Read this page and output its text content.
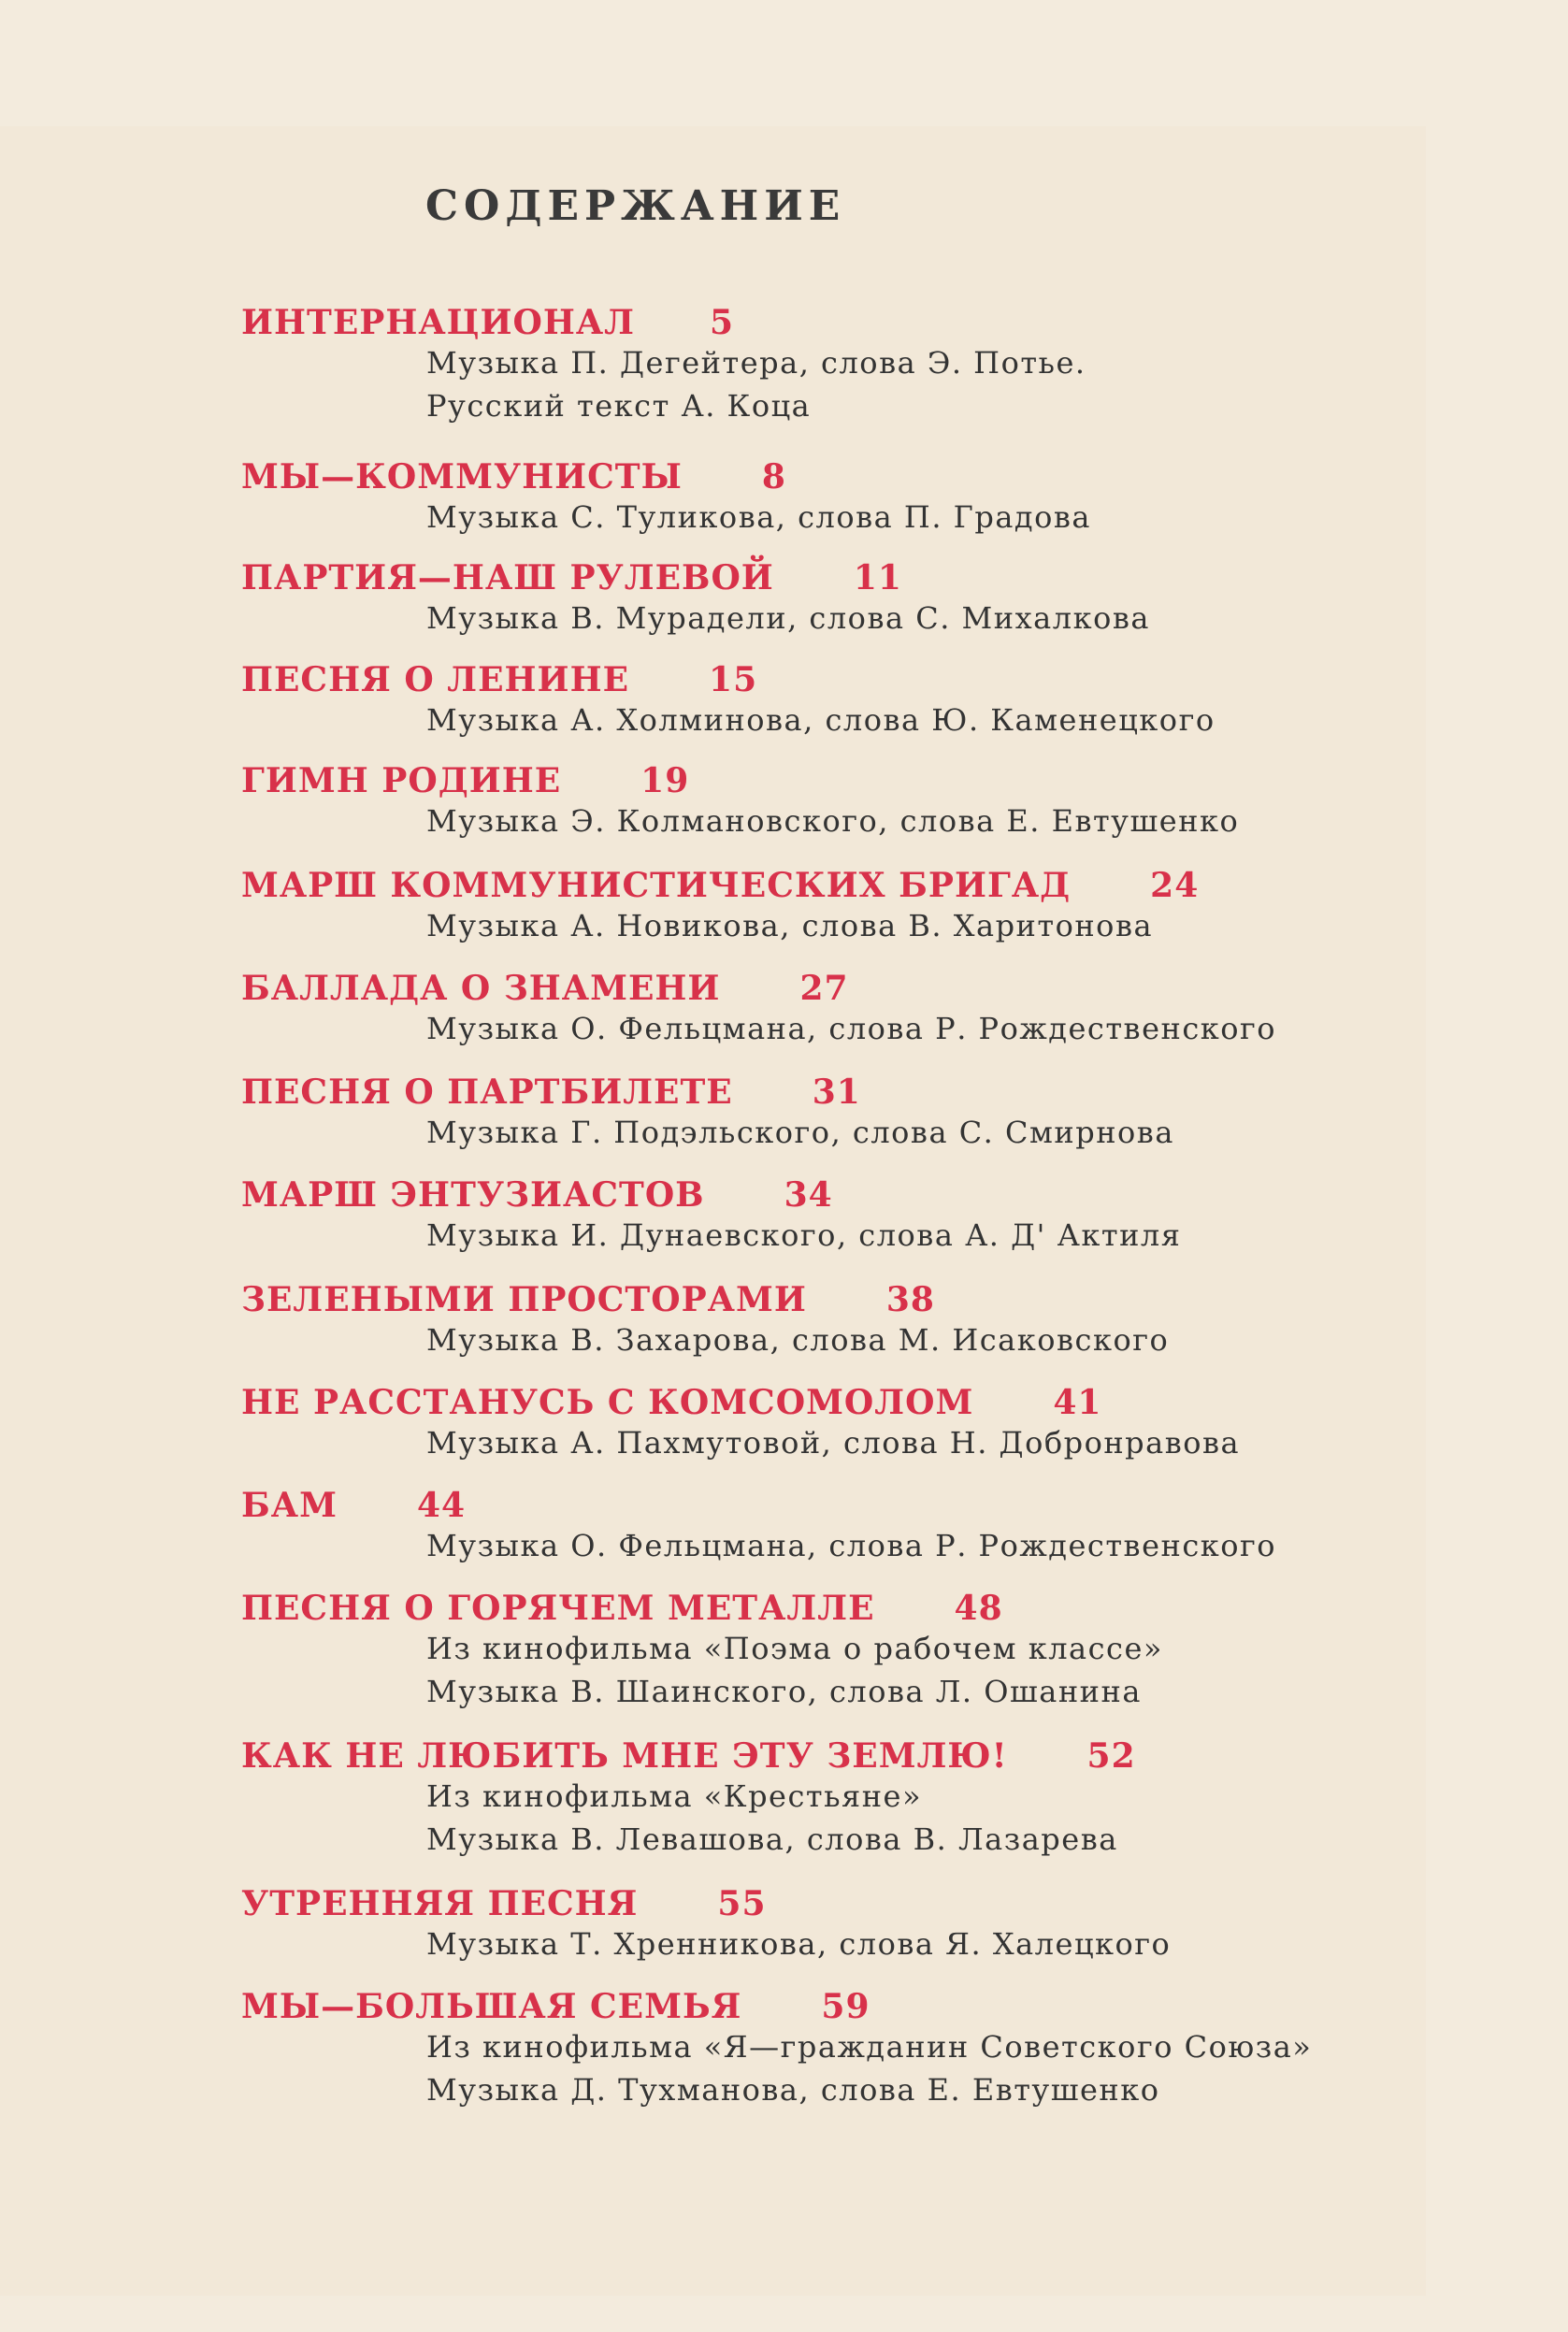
СОДЕРЖАНИЕ
ИНТЕРНАЦИОНАЛ 5
Музыка П. Дегейтера, слова Э. Потье.
Русский текст А. Коца
МЫ—КОММУНИСТЫ 8
Музыка С. Туликова, слова П. Градова
ПАРТИЯ—НАШ РУЛЕВОЙ 11
Музыка В. Мурадели, слова С. Михалкова
ПЕСНЯ О ЛЕНИНЕ 15
Музыка А. Холминова, слова Ю. Каменецкого
ГИМН РОДИНЕ 19
Музыка Э. Колмановского, слова Е. Евтушенко
МАРШ КОММУНИСТИЧЕСКИХ БРИГАД 24
Музыка А. Новикова, слова В. Харитонова
БАЛЛАДА О ЗНАМЕНИ 27
Музыка О. Фельцмана, слова Р. Рождественского
ПЕСНЯ О ПАРТБИЛЕТЕ 31
Музыка Г. Подэльского, слова С. Смирнова
МАРШ ЭНТУЗИАСТОВ 34
Музыка И. Дунаевского, слова А. Д' Актиля
ЗЕЛЕНЫМИ ПРОСТОРАМИ 38
Музыка В. Захарова, слова М. Исаковского
НЕ РАССТАНУСЬ С КОМСОМОЛОМ 41
Музыка А. Пахмутовой, слова Н. Добронравова
БАМ 44
Музыка О. Фельцмана, слова Р. Рождественского
ПЕСНЯ О ГОРЯЧЕМ МЕТАЛЛЕ 48
Из кинофильма «Поэма о рабочем классе»
Музыка В. Шаинского, слова Л. Ошанина
КАК НЕ ЛЮБИТЬ МНЕ ЭТУ ЗЕМЛЮ! 52
Из кинофильма «Крестьяне»
Музыка В. Левашова, слова В. Лазарева
УТРЕННЯЯ ПЕСНЯ 55
Музыка Т. Хренникова, слова Я. Халецкого
МЫ—БОЛЬШАЯ СЕМЬЯ 59
Из кинофильма «Я—гражданин Советского Союза»
Музыка Д. Тухманова, слова Е. Евтушенко
